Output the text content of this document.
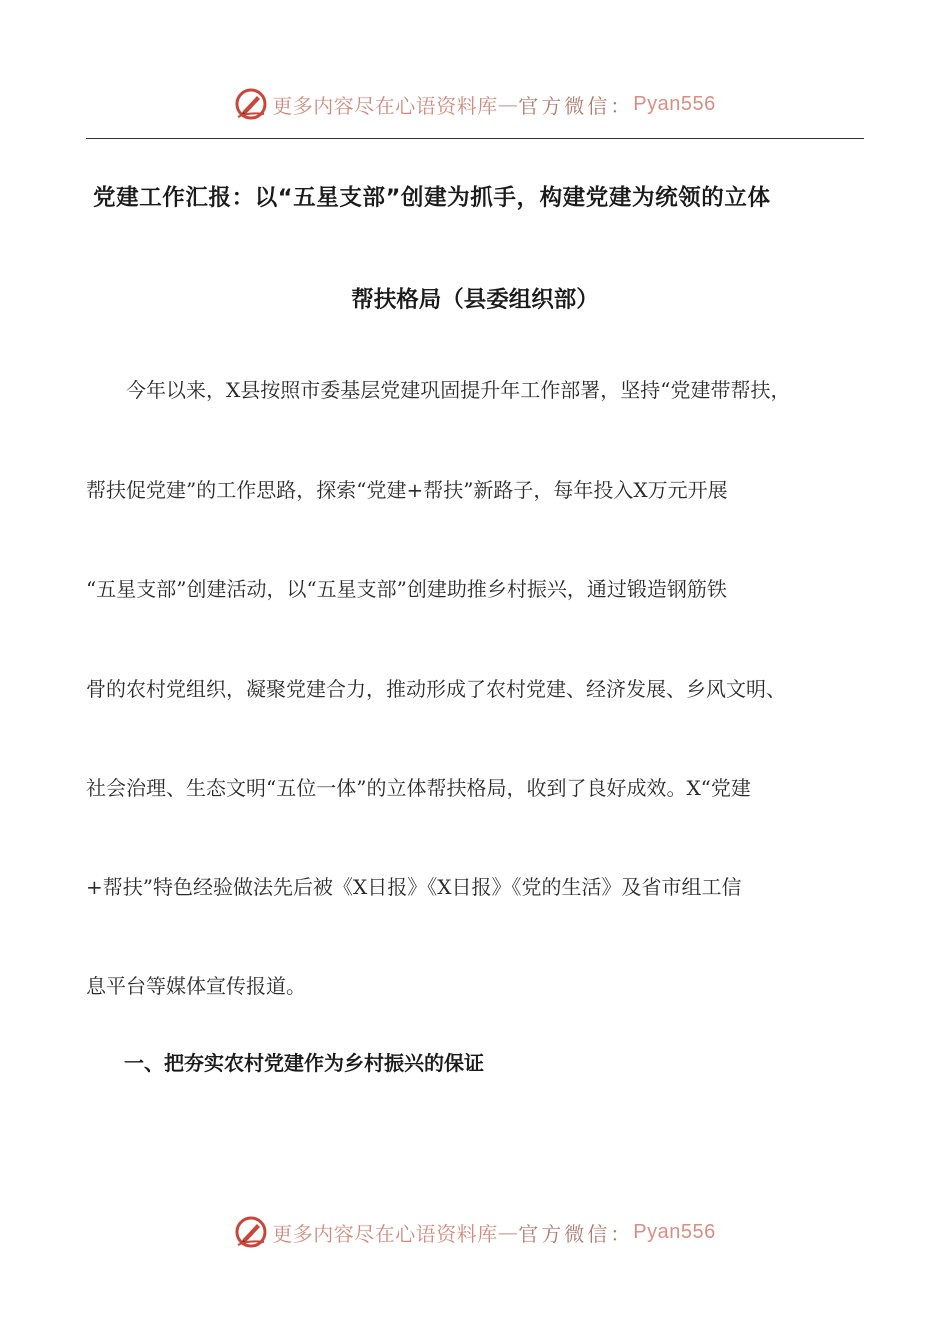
更多内容尽在心语资料库 — 官方微信： Pyan556
党建工作汇报：以“五星支部”创建为抓手，构建党建为统领的立体
帮扶格局（县委组织部）
　　今年以来，X县按照市委基层党建巩固提升年工作部署，坚持“党建带帮扶，
帮扶促党建”的工作思路，探索“党建+帮扶”新路子，每年投入X万元开展
“五星支部”创建活动，以“五星支部”创建助推乡村振兴，通过锻造钢筋铁
骨的农村党组织，凝聚党建合力，推动形成了农村党建、经济发展、乡风文明、
社会治理、生态文明“五位一体”的立体帮扶格局，收到了良好成效。X“党建
+帮扶”特色经验做法先后被《X日报》《X日报》《党的生活》及省市组工信
息平台等媒体宣传报道。
一、把夯实农村党建作为乡村振兴的保证
更多内容尽在心语资料库 — 官方微信： Pyan556
